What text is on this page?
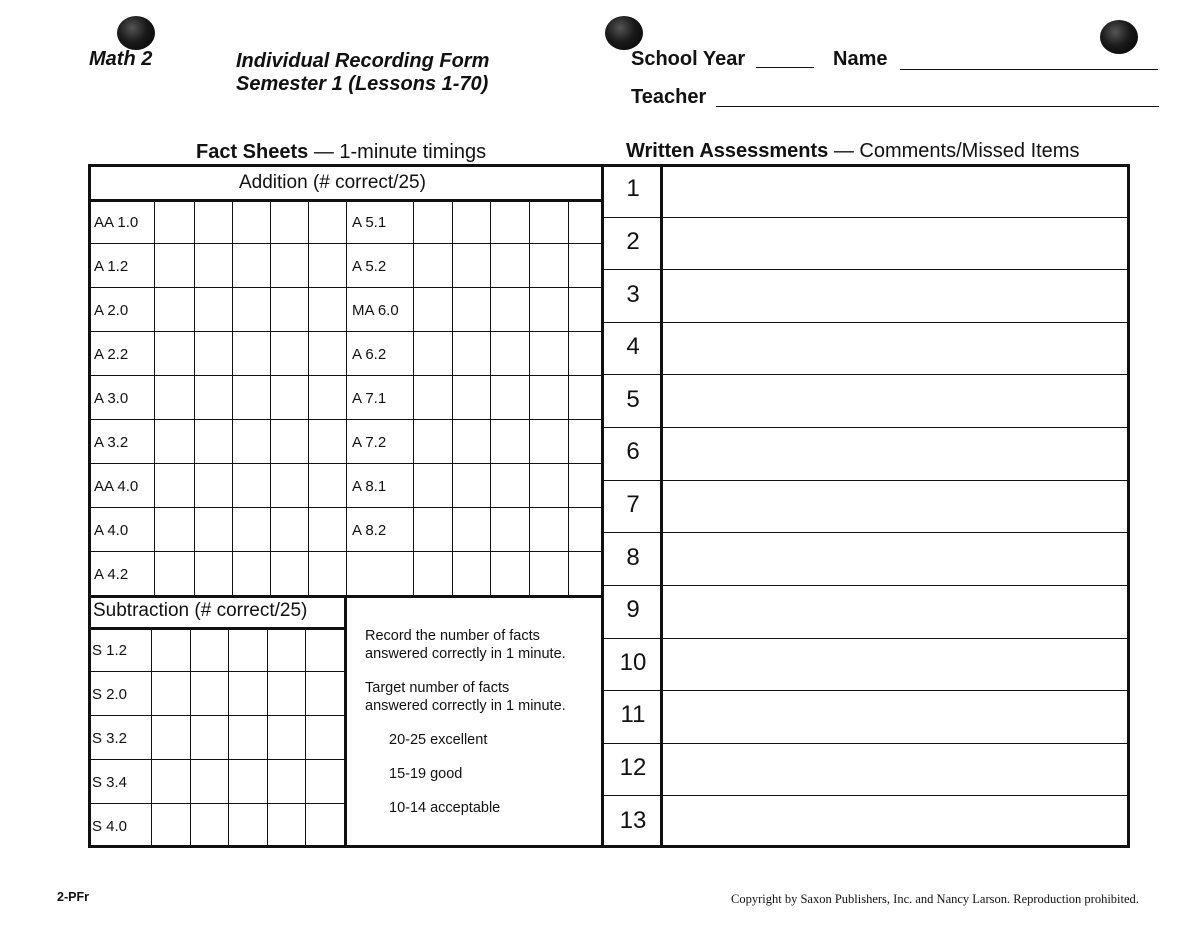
Math 2	Individual Recording Form
Semester 1 (Lessons 1-70)
School Year	Name
Teacher
Fact Sheets — 1-minute timings	Written Assessments — Comments/Missed Items
Addition (# correct/25)
Subtraction (# correct/25)
Record the number of facts
answered correctly in 1 minute.
Target number of facts
answered correctly in 1 minute.
20-25 excellent
15-19 good
10-14 acceptable
2-PFr	Copyright by Saxon Publishers, Inc. and Nancy Larson. Reproduction prohibited.
AA 1.0	A 5.1
A 1.2	A 5.2
A 2.0	MA 6.0
A 2.2	A 6.2
A 3.0	A 7.1
A 3.2	A 7.2
AA 4.0	A 8.1
A 4.0	A 8.2
A 4.2
S 1.2
S 2.0
S 3.2
S 3.4
S 4.0
1
2
3
4
5
6
7
8
9
10
11
12
13
